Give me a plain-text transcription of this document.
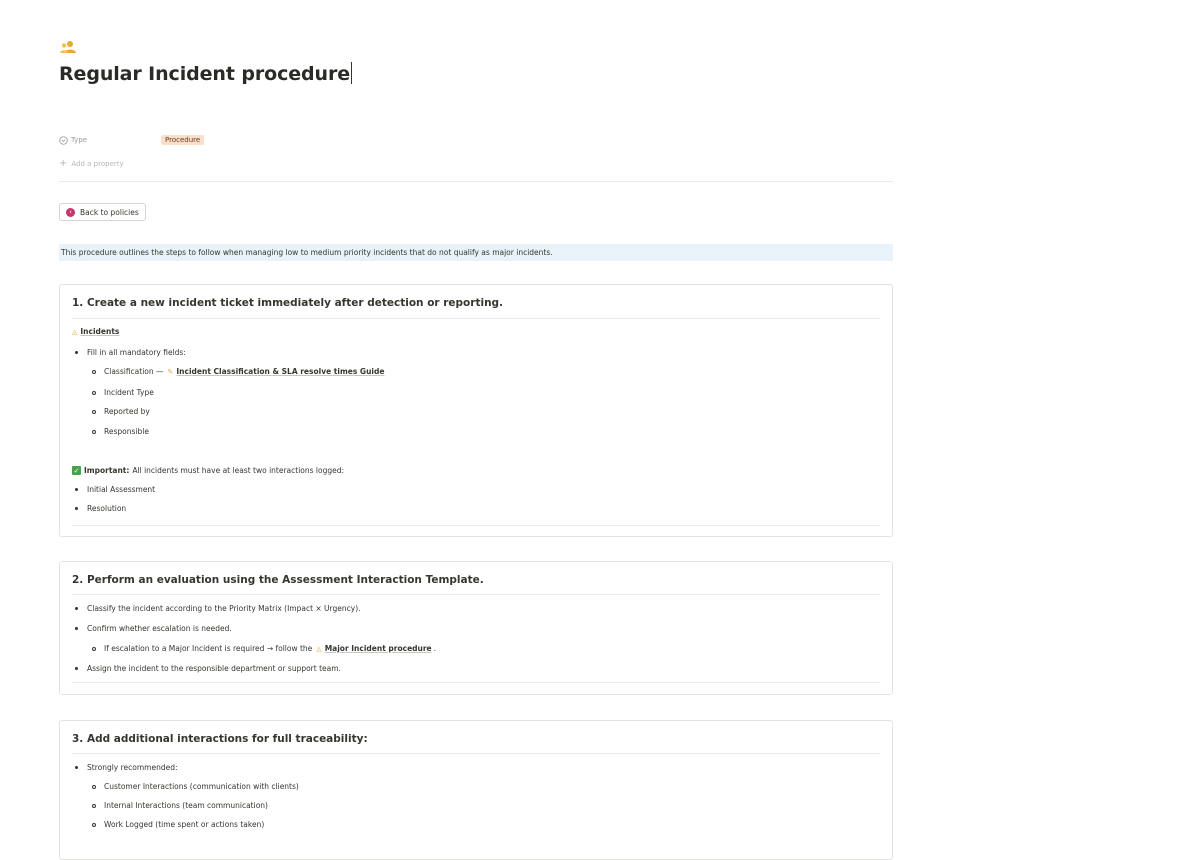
Regular Incident procedure
Type	Procedure
+ Add a property
‹	Back to policies
This procedure outlines the steps to follow when managing low to medium priority incidents that do not qualify as major incidents.
1. Create a new incident ticket immediately after detection or reporting.
◬ Incidents
Fill in all mandatory fields:
Classification — ✎ Incident Classification & SLA resolve times Guide
Incident Type
Reported by
Responsible
✓ Important: All incidents must have at least two interactions logged:
Initial Assessment
Resolution
2. Perform an evaluation using the Assessment Interaction Template.
Classify the incident according to the Priority Matrix (Impact × Urgency).
Confirm whether escalation is needed.
If escalation to a Major Incident is required → follow the ◬ Major Incident procedure .
Assign the incident to the responsible department or support team.
3. Add additional interactions for full traceability:
Strongly recommended:
Customer Interactions (communication with clients)
Internal Interactions (team communication)
Work Logged (time spent or actions taken)
